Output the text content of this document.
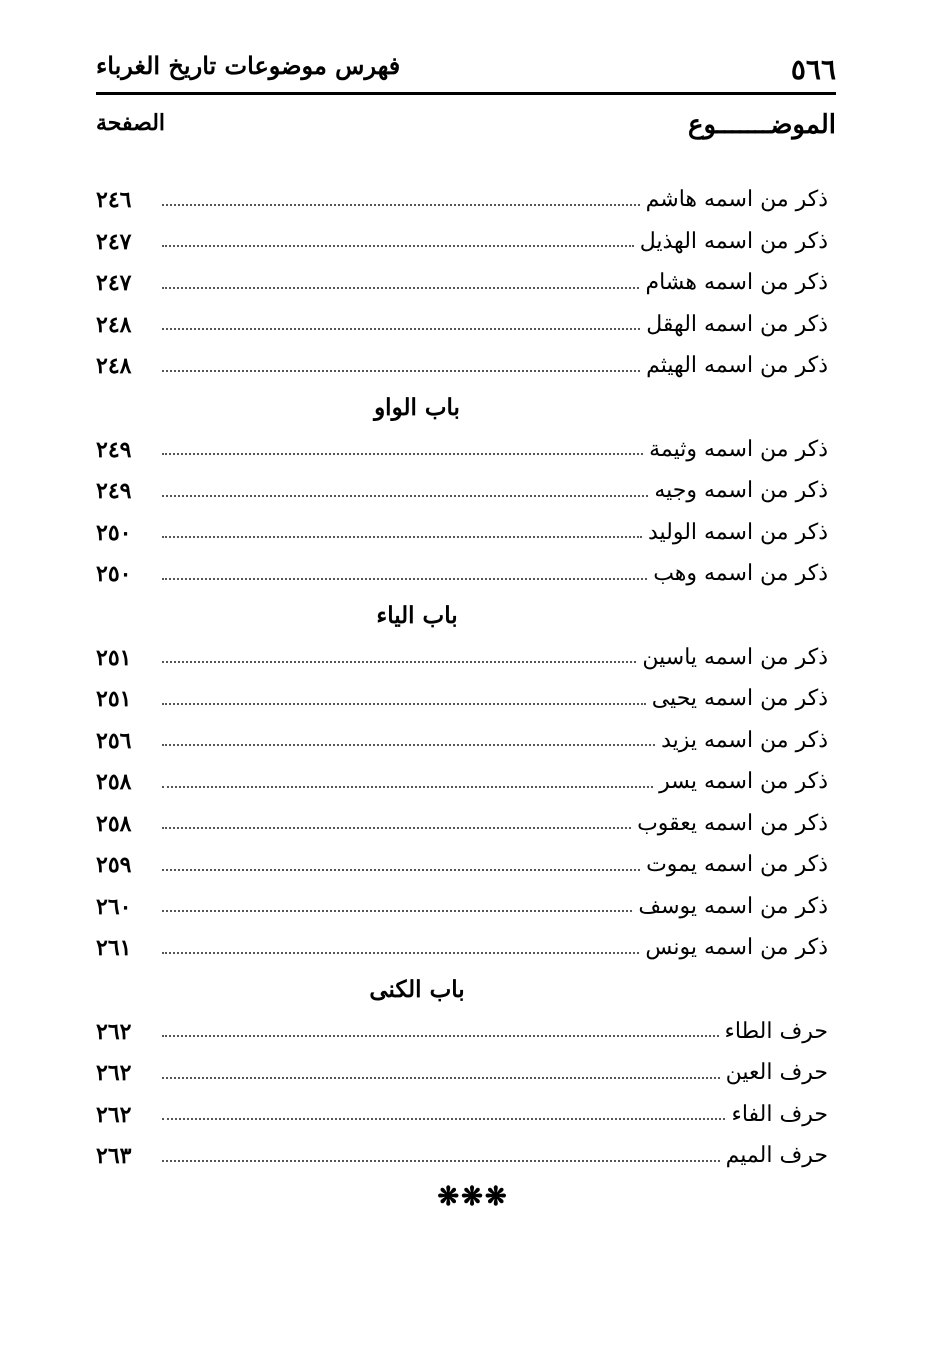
٥٦٦
فهرس موضوعات تاريخ الغرباء
الموضـــــــوع
الصفحة
ذكر من اسمه هاشم
٢٤٦
ذكر من اسمه الهذيل
٢٤٧
ذكر من اسمه هشام
٢٤٧
ذكر من اسمه الهقل
٢٤٨
ذكر من اسمه الهيثم
٢٤٨
باب الواو
ذكر من اسمه وثيمة
٢٤٩
ذكر من اسمه وجيه
٢٤٩
ذكر من اسمه الوليد
٢٥٠
ذكر من اسمه وهب
٢٥٠
باب الياء
ذكر من اسمه ياسين
٢٥١
ذكر من اسمه يحيى
٢٥١
ذكر من اسمه يزيد
٢٥٦
ذكر من اسمه يسر
٢٥٨
ذكر من اسمه يعقوب
٢٥٨
ذكر من اسمه يموت
٢٥٩
ذكر من اسمه يوسف
٢٦٠
ذكر من اسمه يونس
٢٦١
باب الكنى
حرف الطاء
٢٦٢
حرف العين
٢٦٢
حرف الفاء
٢٦٢
حرف الميم
٢٦٣
❋❋❋
